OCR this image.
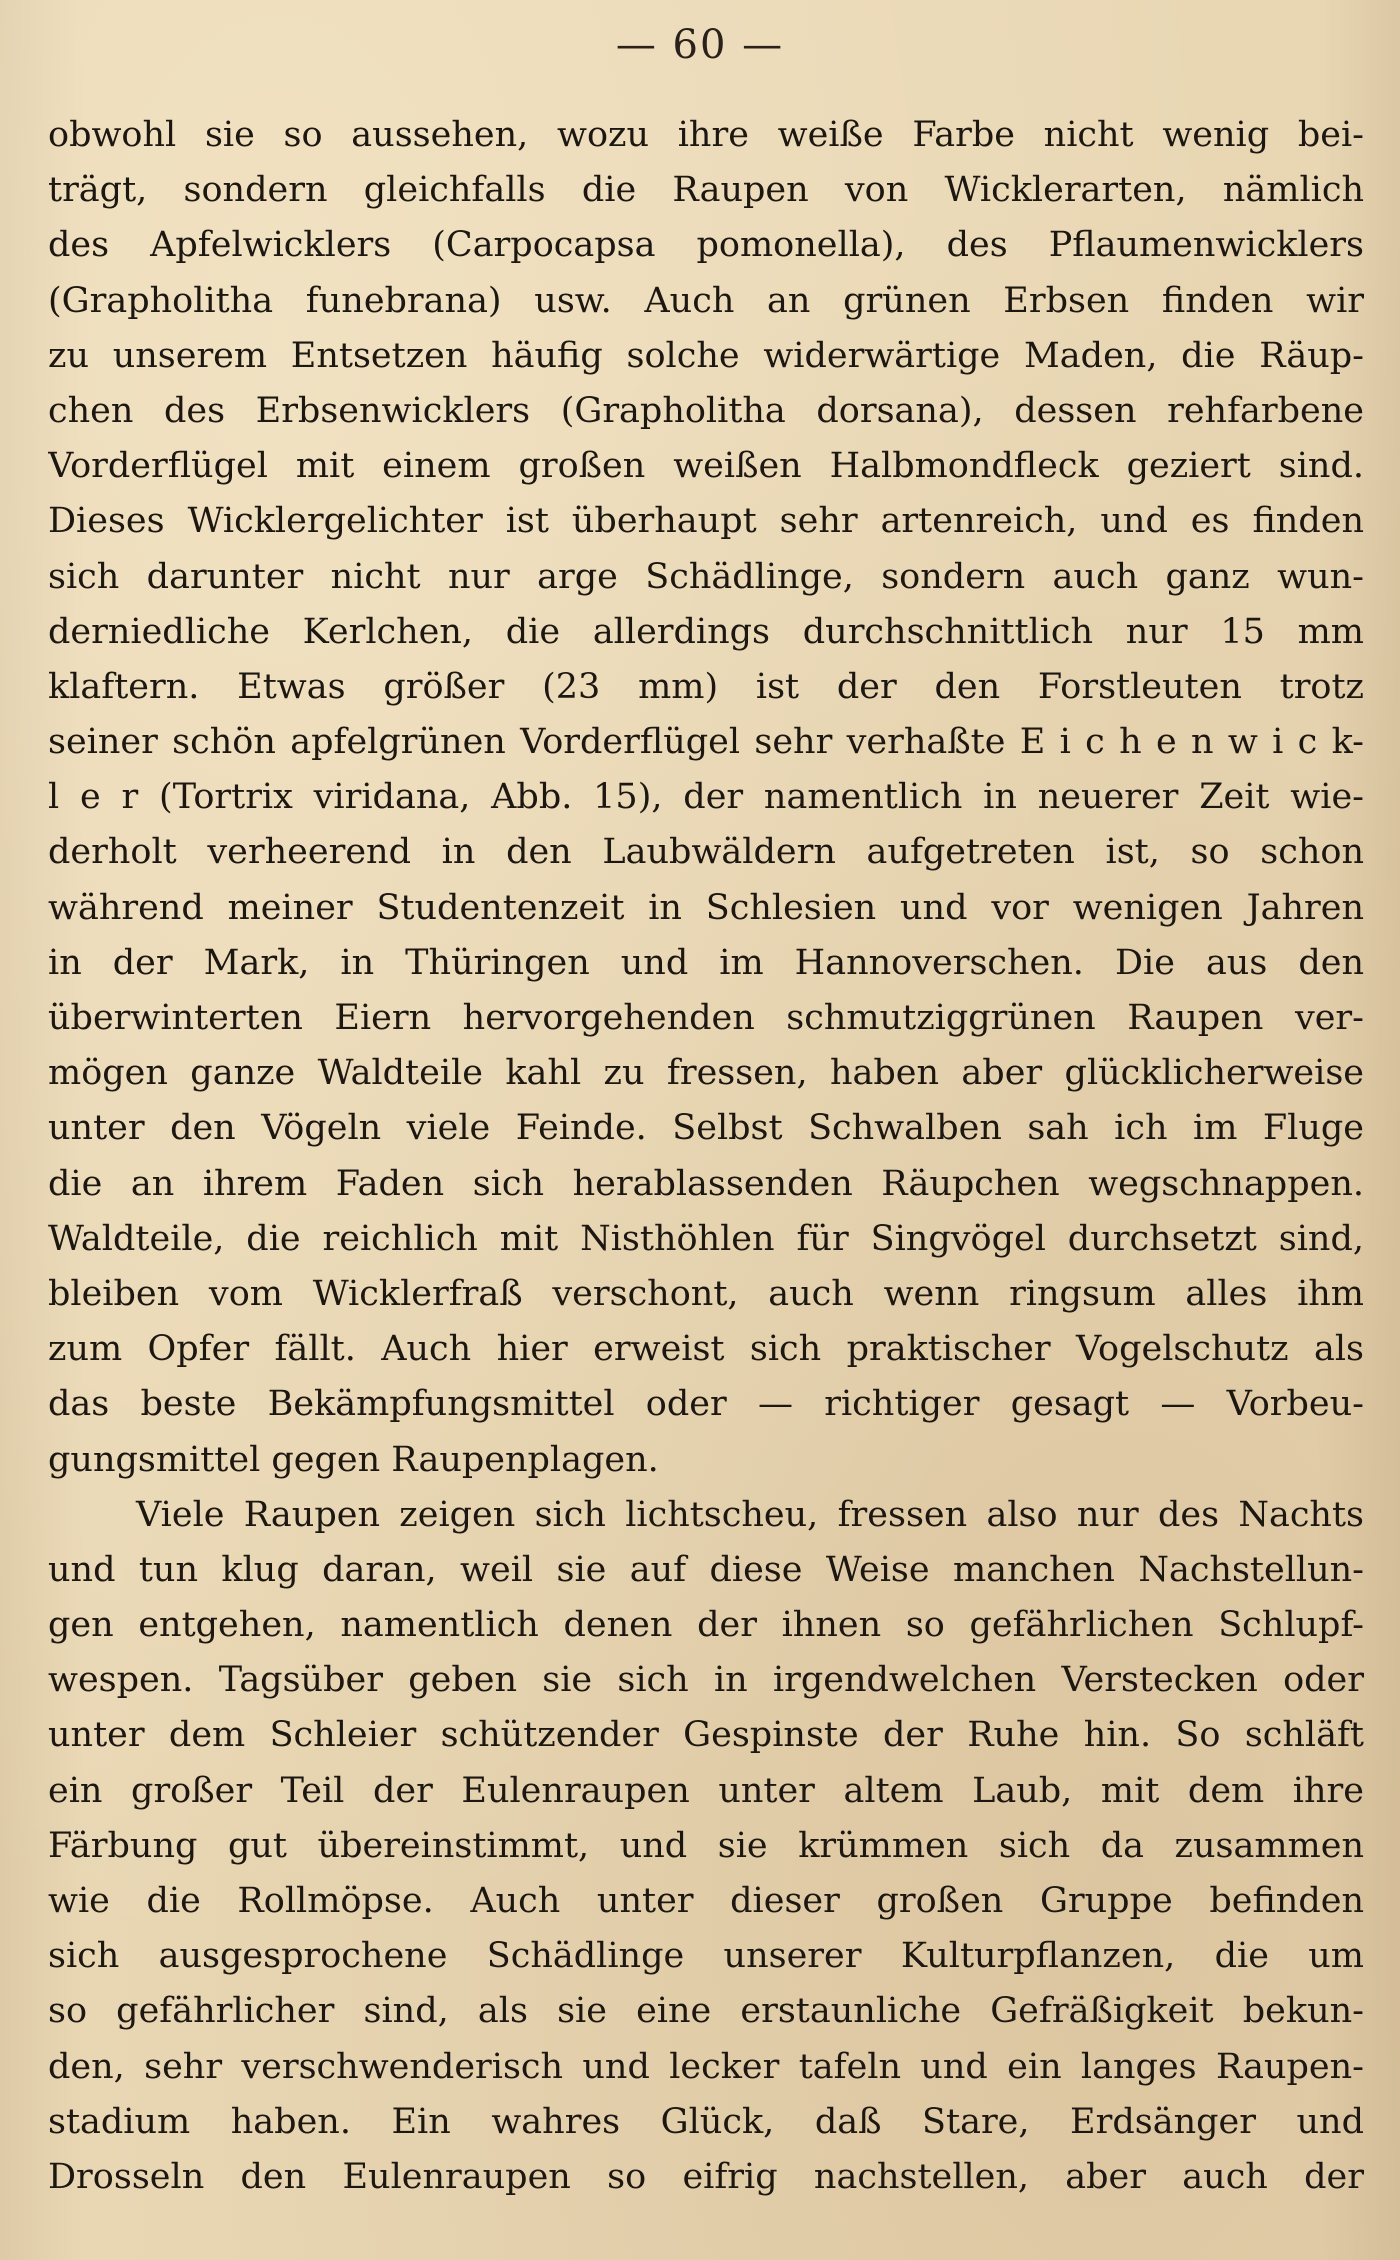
— 60 —
obwohl sie so aussehen, wozu ihre weiße Farbe nicht wenig bei-
trägt, sondern gleichfalls die Raupen von Wicklerarten, nämlich
des Apfelwicklers (Carpocapsa pomonella), des Pflaumenwicklers
(Grapholitha funebrana) usw. Auch an grünen Erbsen finden wir
zu unserem Entsetzen häufig solche widerwärtige Maden, die Räup-
chen des Erbsenwicklers (Grapholitha dorsana), dessen rehfarbene
Vorderflügel mit einem großen weißen Halbmondfleck geziert sind.
Dieses Wicklergelichter ist überhaupt sehr artenreich, und es finden
sich darunter nicht nur arge Schädlinge, sondern auch ganz wun-
derniedliche Kerlchen, die allerdings durchschnittlich nur 15 mm
klaftern. Etwas größer (23 mm) ist der den Forstleuten trotz
seiner schön apfelgrünen Vorderflügel sehr verhaßte E i c h e n w i c k-
l e r (Tortrix viridana, Abb. 15), der namentlich in neuerer Zeit wie-
derholt verheerend in den Laubwäldern aufgetreten ist, so schon
während meiner Studentenzeit in Schlesien und vor wenigen Jahren
in der Mark, in Thüringen und im Hannoverschen. Die aus den
überwinterten Eiern hervorgehenden schmutziggrünen Raupen ver-
mögen ganze Waldteile kahl zu fressen, haben aber glücklicherweise
unter den Vögeln viele Feinde. Selbst Schwalben sah ich im Fluge
die an ihrem Faden sich herablassenden Räupchen wegschnappen.
Waldteile, die reichlich mit Nisthöhlen für Singvögel durchsetzt sind,
bleiben vom Wicklerfraß verschont, auch wenn ringsum alles ihm
zum Opfer fällt. Auch hier erweist sich praktischer Vogelschutz als
das beste Bekämpfungsmittel oder — richtiger gesagt — Vorbeu-
gungsmittel gegen Raupenplagen.
Viele Raupen zeigen sich lichtscheu, fressen also nur des Nachts
und tun klug daran, weil sie auf diese Weise manchen Nachstellun-
gen entgehen, namentlich denen der ihnen so gefährlichen Schlupf-
wespen. Tagsüber geben sie sich in irgendwelchen Verstecken oder
unter dem Schleier schützender Gespinste der Ruhe hin. So schläft
ein großer Teil der Eulenraupen unter altem Laub, mit dem ihre
Färbung gut übereinstimmt, und sie krümmen sich da zusammen
wie die Rollmöpse. Auch unter dieser großen Gruppe befinden
sich ausgesprochene Schädlinge unserer Kulturpflanzen, die um
so gefährlicher sind, als sie eine erstaunliche Gefräßigkeit bekun-
den, sehr verschwenderisch und lecker tafeln und ein langes Raupen-
stadium haben. Ein wahres Glück, daß Stare, Erdsänger und
Drosseln den Eulenraupen so eifrig nachstellen, aber auch der
